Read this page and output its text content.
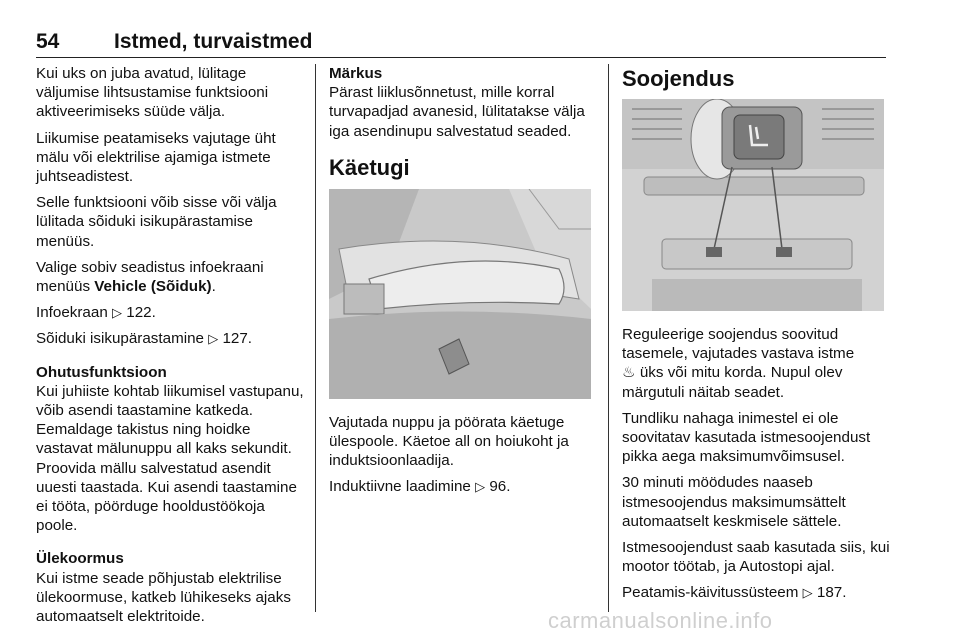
54	Istmed, turvaistmed

Kui uks on juba avatud, lülitage väljumise lihtsustamise funktsiooni aktiveerimiseks süüde välja.

Liikumise peatamiseks vajutage üht mälu või elektrilise ajamiga istmete juhtseadistest.

Selle funktsiooni võib sisse või välja lülitada sõiduki isikupärastamise menüüs.

Valige sobiv seadistus infoekraani menüüs Vehicle (Sõiduk).

Infoekraan ▷ 122.

Sõiduki isikupärastamine ▷ 127.

Ohutusfunktsioon

Kui juhiiste kohtab liikumisel vastupanu, võib asendi taastamine katkeda. Eemaldage takistus ning hoidke vastavat mälunuppu all kaks sekundit. Proovida mällu salvestatud asendit uuesti taastada. Kui asendi taastamine ei tööta, pöörduge hooldustöökoja poole.

Ülekoormus

Kui istme seade põhjustab elektrilise ülekoormuse, katkeb lühikeseks ajaks automaatselt elektritoide.

Märkus

Pärast liiklusõnnetust, mille korral turvapadjad avanesid, lülitatakse välja iga asendinupu salvestatud seaded.

Käetugi

Vajutada nuppu ja pöörata käetuge ülespoole. Käetoe all on hoiukoht ja induktsioonlaadija.

Induktiivne laadimine ▷ 96.

Soojendus

Reguleerige soojendus soovitud tasemele, vajutades vastava istme
♨ üks või mitu korda. Nupul olev märgutuli näitab seadet.

Tundliku nahaga inimestel ei ole soovitatav kasutada istmesoojendust pikka aega maksimumvõimsusel.

30 minuti möödudes naaseb istmesoojendus maksimumsättelt automaatselt keskmisele sättele.

Istmesoojendust saab kasutada siis, kui mootor töötab, ja Autostopi ajal.

Peatamis-käivitussüsteem ▷ 187.

carmanualsonline.info
